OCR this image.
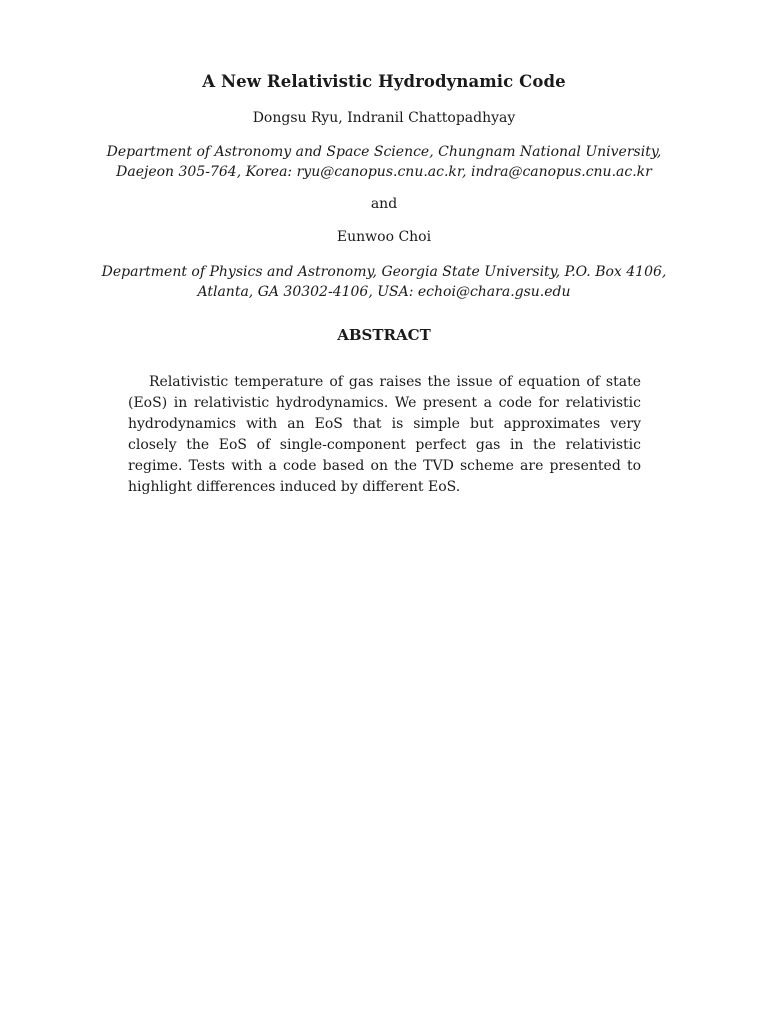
A New Relativistic Hydrodynamic Code

Dongsu Ryu, Indranil Chattopadhyay

Department of Astronomy and Space Science, Chungnam National University,
Daejeon 305-764, Korea: ryu@canopus.cnu.ac.kr, indra@canopus.cnu.ac.kr

and

Eunwoo Choi

Department of Physics and Astronomy, Georgia State University, P.O. Box 4106,
Atlanta, GA 30302-4106, USA: echoi@chara.gsu.edu

ABSTRACT

Relativistic temperature of gas raises the issue of equation of state (EoS) in relativistic hydrodynamics. We present a code for relativistic hydrodynamics with an EoS that is simple but approximates very closely the EoS of single-component perfect gas in the relativistic regime. Tests with a code based on the TVD scheme are presented to highlight differences induced by different EoS.
